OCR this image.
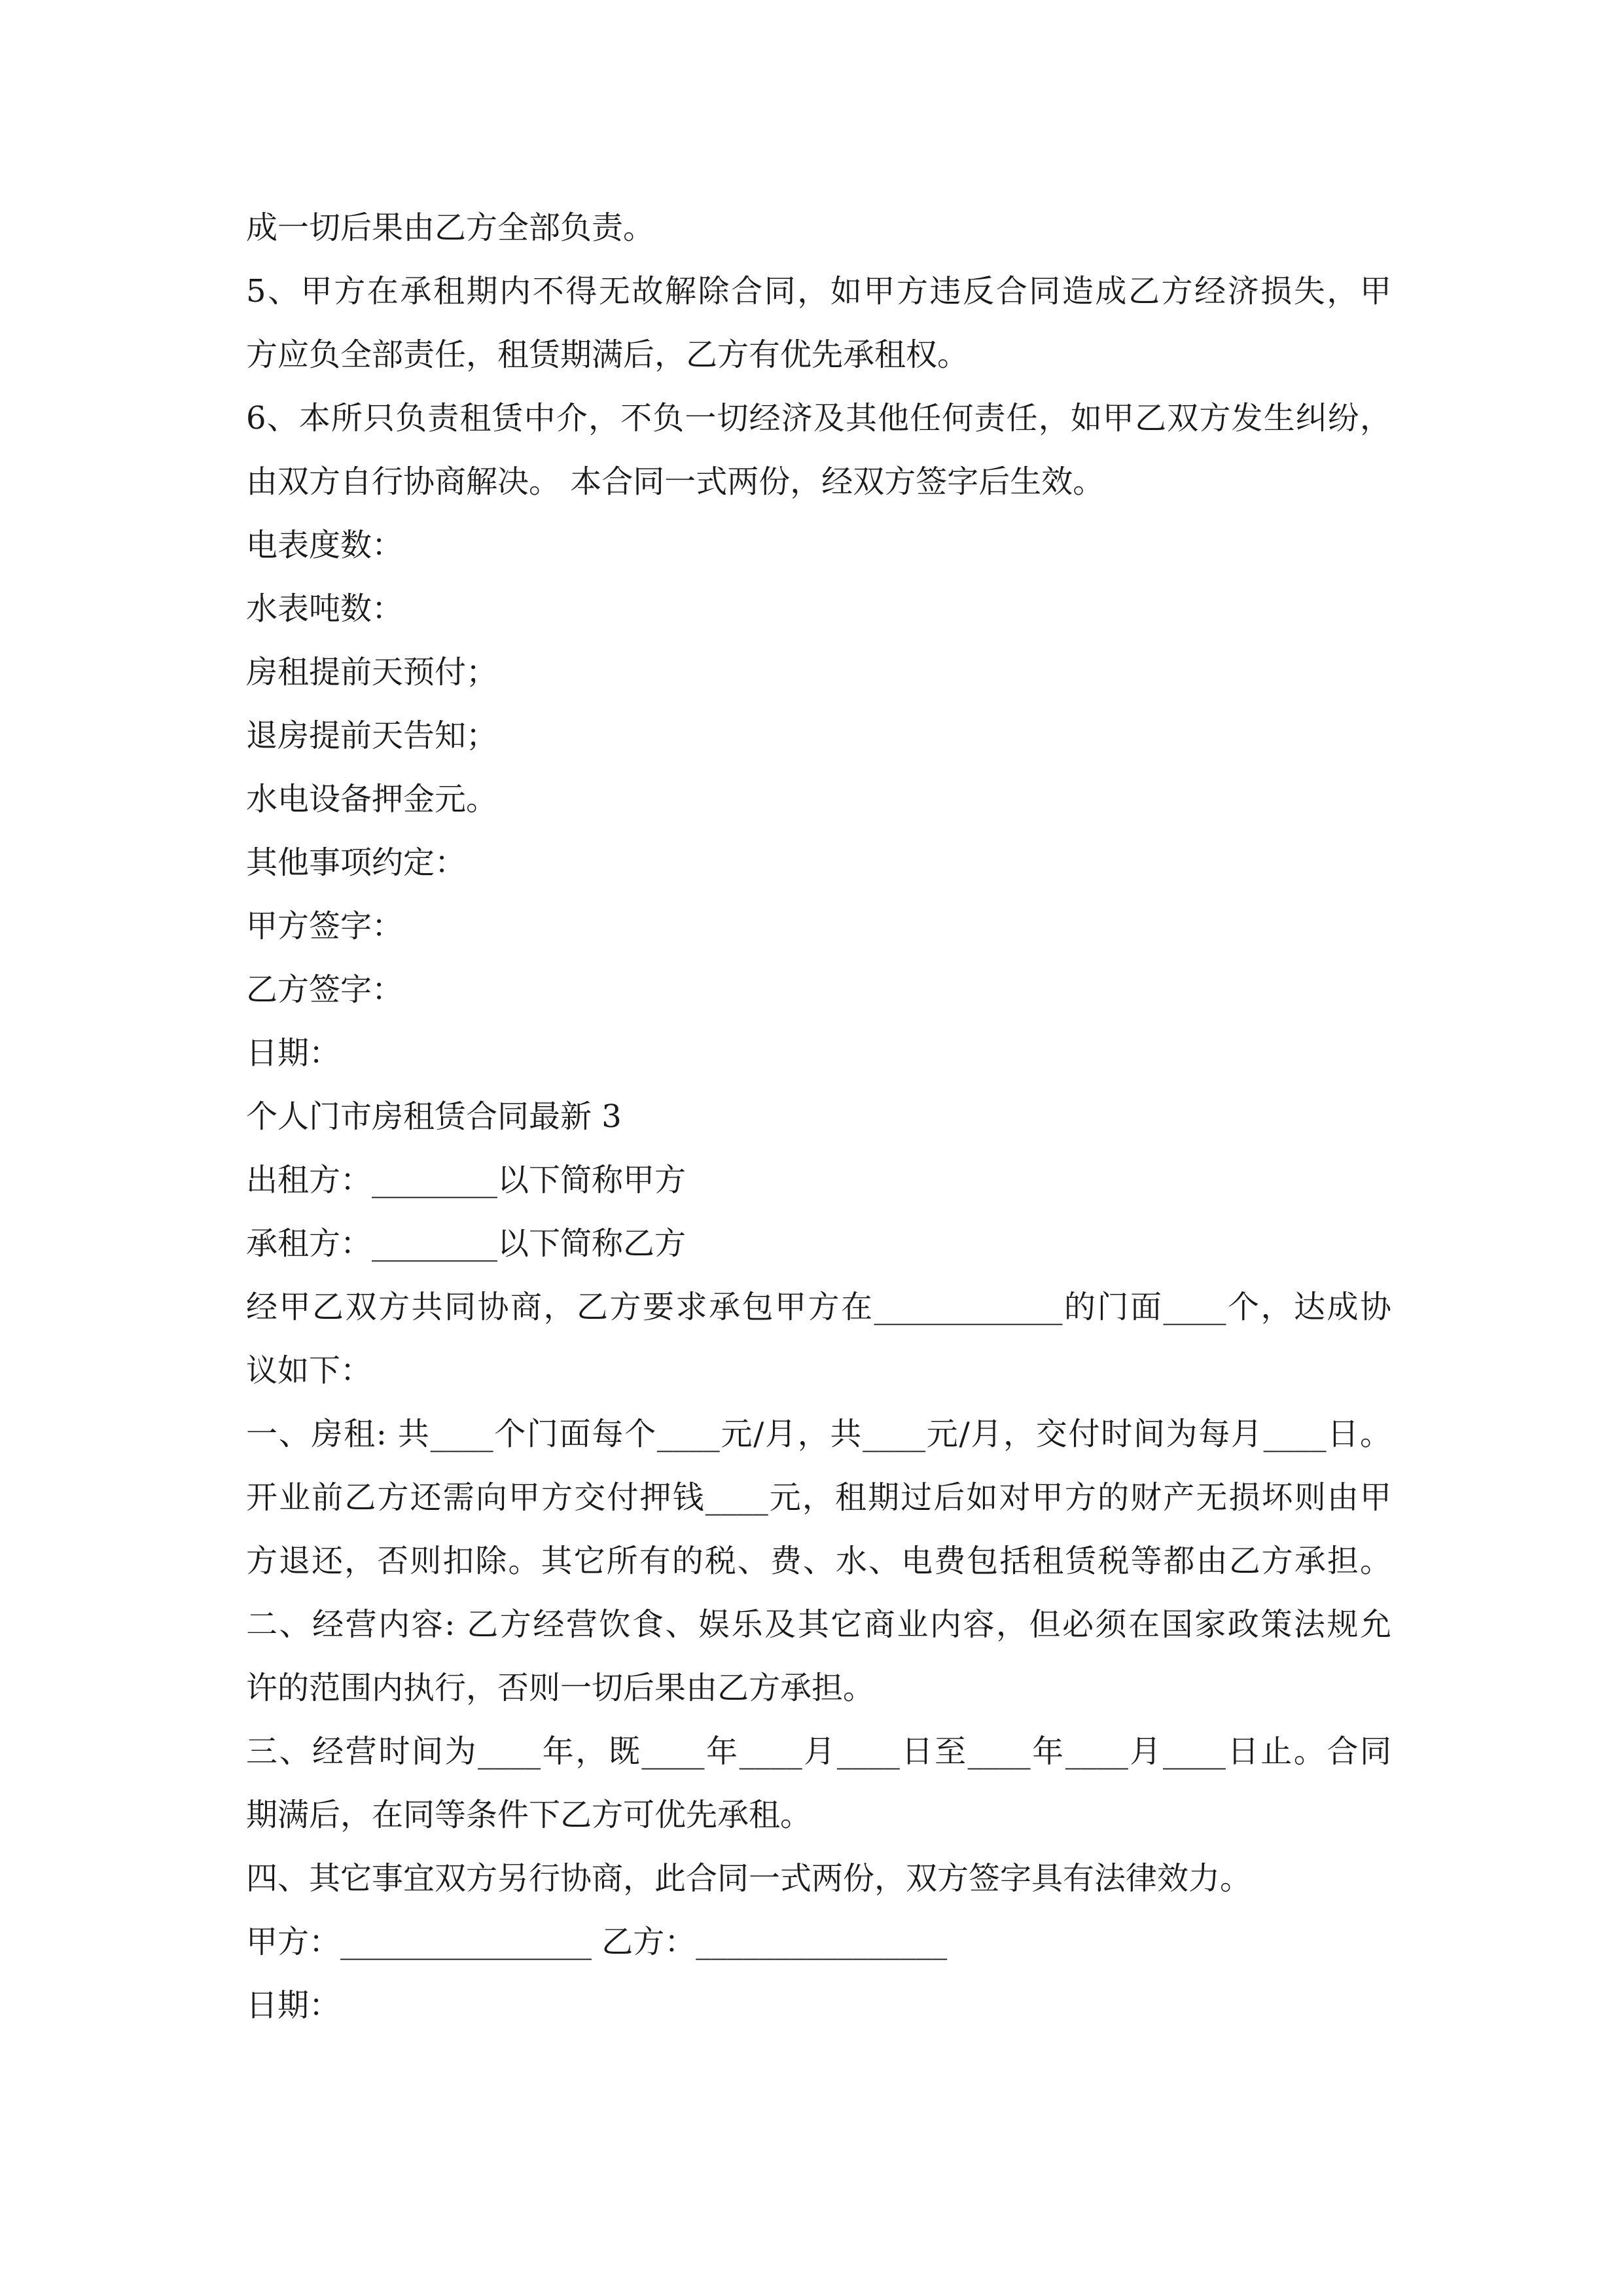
成一切后果由乙方全部负责。
5、甲方在承租期内不得无故解除合同，如甲方违反合同造成乙方经济损失，甲
方应负全部责任，租赁期满后，乙方有优先承租权。
6、本所只负责租赁中介，不负一切经济及其他任何责任，如甲乙双方发生纠纷，
由双方自行协商解决。 本合同一式两份，经双方签字后生效。
电表度数：
水表吨数：
房租提前天预付；
退房提前天告知；
水电设备押金元。
其他事项约定：
甲方签字：
乙方签字：
日期：
个人门市房租赁合同最新 3
出租方：________以下简称甲方
承租方：________以下简称乙方
经甲乙双方共同协商，乙方要求承包甲方在____________的门面____个，达成协
议如下：
一、房租: 共____个门面每个____元/月，共____元/月，交付时间为每月____日。
开业前乙方还需向甲方交付押钱____元，租期过后如对甲方的财产无损坏则由甲
方退还，否则扣除。其它所有的税、费、水、电费包括租赁税等都由乙方承担。
二、经营内容: 乙方经营饮食、娱乐及其它商业内容，但必须在国家政策法规允
许的范围内执行，否则一切后果由乙方承担。
三、经营时间为____年，既____年____月____日至____年____月____日止。合同
期满后，在同等条件下乙方可优先承租。
四、其它事宜双方另行协商，此合同一式两份，双方签字具有法律效力。
甲方：________________ 乙方：________________
日期：
